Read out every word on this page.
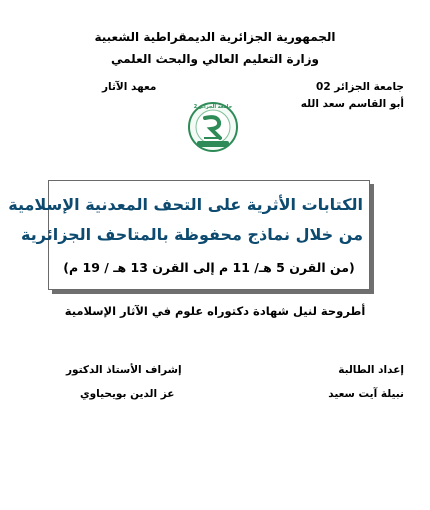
الجمهورية الجزائرية الديمقراطية الشعبية
وزارة التعليم العالي والبحث العلمي
جامعة الجزائر 02
معهد الآثار
أبو القاسم سعد الله
جامعة الجزائر 2
الكتابات الأثرية على التحف المعدنية الإسلامية
من خلال نماذج محفوظة بالمتاحف الجزائرية
(من القرن 5 هـ/ 11 م إلى القرن 13 هـ / 19 م)
أطروحة لنيل شهادة دكتوراه علوم في الآثار الإسلامية
إعداد الطالبة
نبيلة آيت سعيد
إشراف الأستاذ الدكتور
عز الدين بويحياوي
